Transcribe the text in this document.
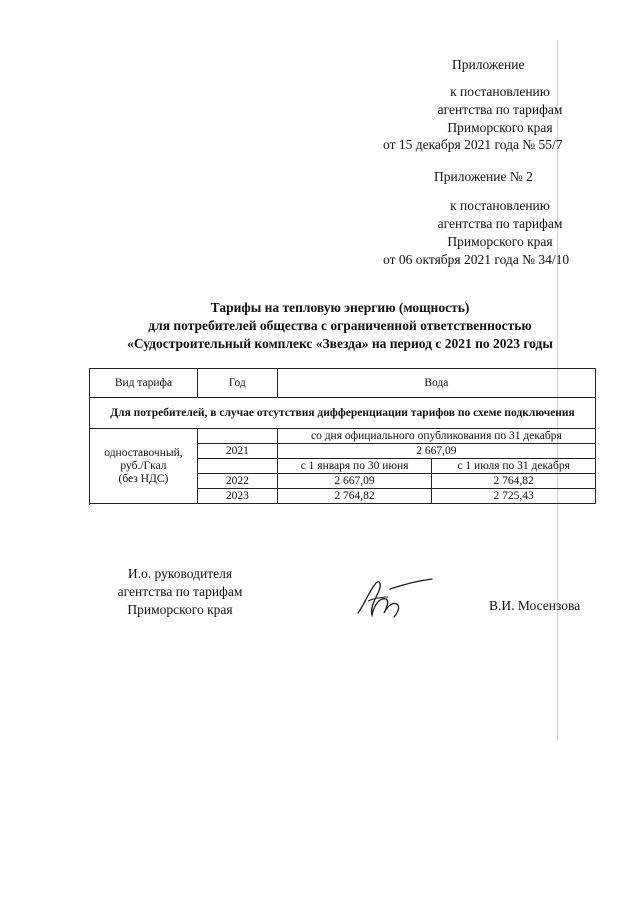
Приложение
к постановлению
агентства по тарифам
Приморского края
от 15 декабря 2021 года № 55/7
Приложение № 2
к постановлению
агентства по тарифам
Приморского края
от 06 октября 2021 года № 34/10
Тарифы на тепловую энергию (мощность)
для потребителей общества с ограниченной ответственностью
«Судостроительный комплекс «Звезда» на период с 2021 по 2023 годы
Вид тарифа	Год	Вода	
Для потребителей, в случае отсутствия дифференциации тарифов по схеме подключения			

одноставочный,
руб./Гкал
(без НДС)		со дня официального опубликования по 31 декабря	
	2021	2 667,09	
		с 1 января по 30 июня	с 1 июля по 31 декабря
	2022	2 667,09	2 764,82
	2023	2 764,82	2 725,43

И.о. руководителя
агентства по тарифам
Приморского края	В.И. Мосензова
